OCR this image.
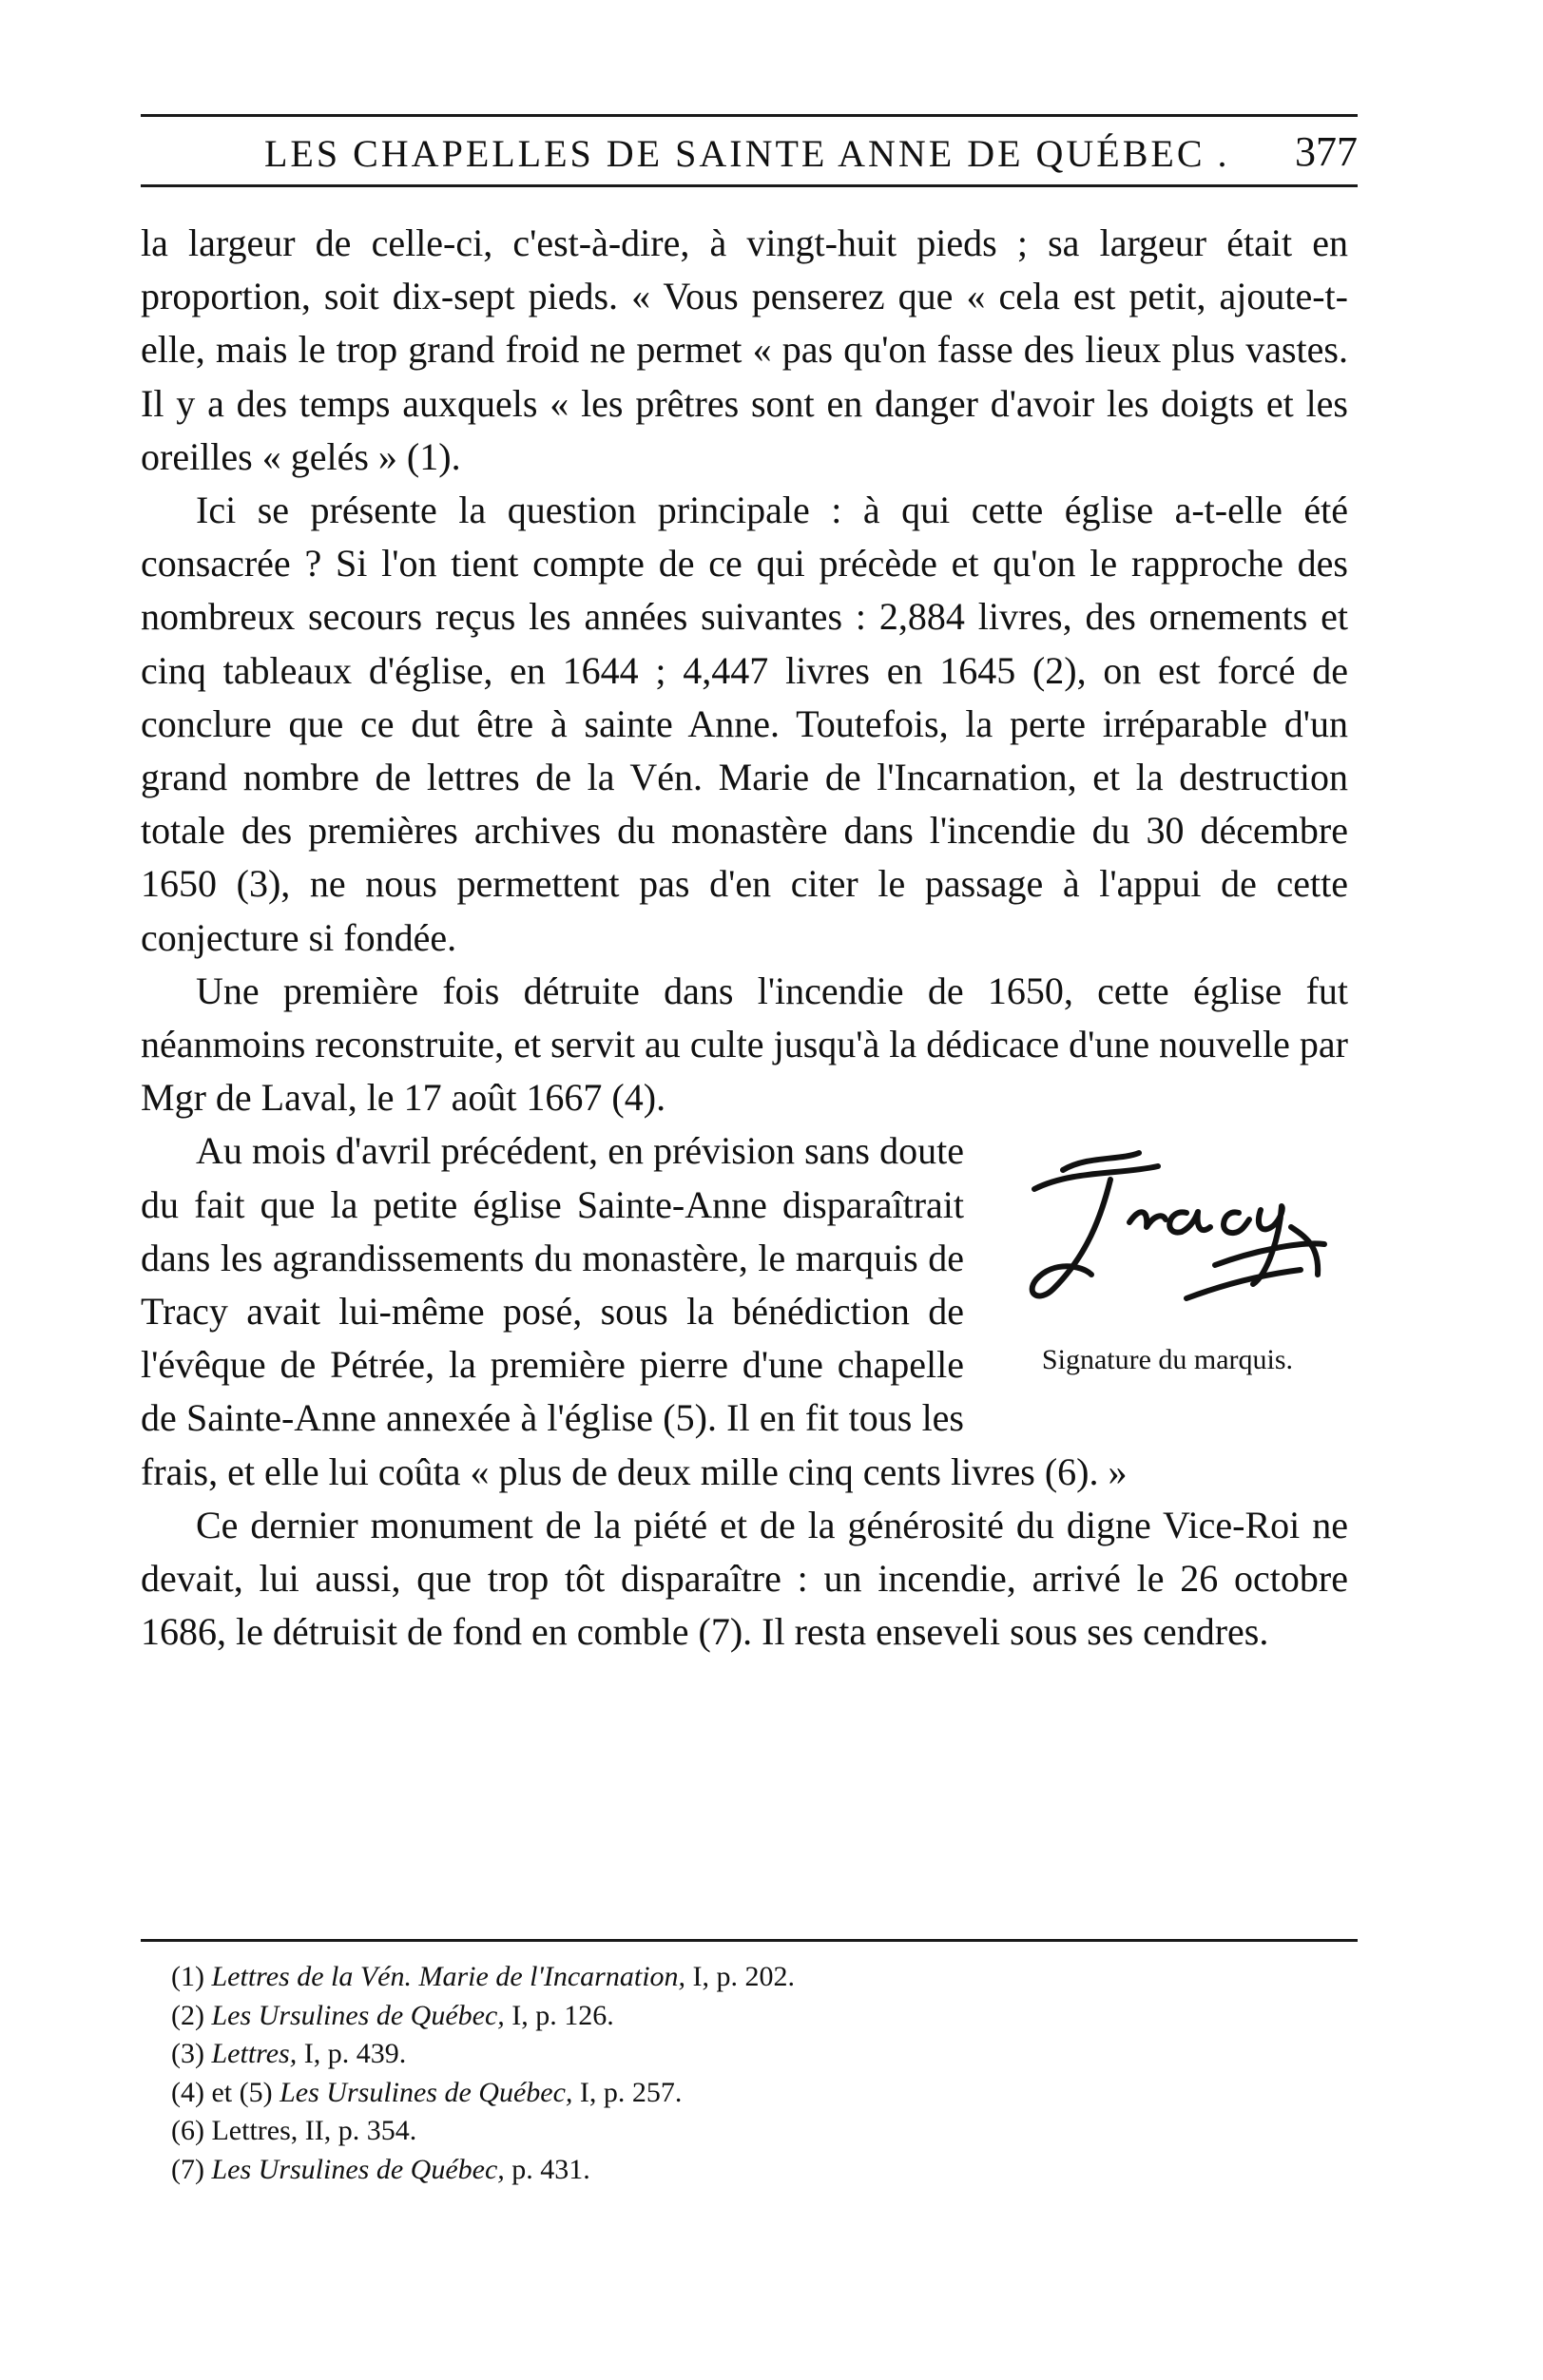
LES CHAPELLES DE SAINTE ANNE DE QUÉBEC . 377

la largeur de celle-ci, c'est-à-dire, à vingt-huit pieds ; sa largeur était en proportion, soit dix-sept pieds. « Vous penserez que « cela est petit, ajoute-t-elle, mais le trop grand froid ne permet « pas qu'on fasse des lieux plus vastes. Il y a des temps auxquels « les prêtres sont en danger d'avoir les doigts et les oreilles « gelés » (1).

Ici se présente la question principale : à qui cette église a-t-elle été consacrée ? Si l'on tient compte de ce qui précède et qu'on le rapproche des nombreux secours reçus les années suivantes : 2,884 livres, des ornements et cinq tableaux d'église, en 1644 ; 4,447 livres en 1645 (2), on est forcé de conclure que ce dut être à sainte Anne. Toutefois, la perte irréparable d'un grand nombre de lettres de la Vén. Marie de l'Incarnation, et la destruction totale des premières archives du monastère dans l'incendie du 30 décembre 1650 (3), ne nous permettent pas d'en citer le passage à l'appui de cette conjecture si fondée.

Une première fois détruite dans l'incendie de 1650, cette église fut néanmoins reconstruite, et servit au culte jusqu'à la dédicace d'une nouvelle par Mgr de Laval, le 17 août 1667 (4).

Signature du marquis.

Au mois d'avril précédent, en prévision sans doute du fait que la petite église Sainte-Anne disparaîtrait dans les agrandissements du monastère, le marquis de Tracy avait lui-même posé, sous la bénédiction de l'évêque de Pétrée, la première pierre d'une chapelle de Sainte-Anne annexée à l'église (5). Il en fit tous les frais, et elle lui coûta « plus de deux mille cinq cents livres (6). »

Ce dernier monument de la piété et de la générosité du digne Vice-Roi ne devait, lui aussi, que trop tôt disparaître : un incendie, arrivé le 26 octobre 1686, le détruisit de fond en comble (7). Il resta enseveli sous ses cendres.

(1) Lettres de la Vén. Marie de l'Incarnation, I, p. 202.
(2) Les Ursulines de Québec, I, p. 126.
(3) Lettres, I, p. 439.
(4) et (5) Les Ursulines de Québec, I, p. 257.
(6) Lettres, II, p. 354.
(7) Les Ursulines de Québec, p. 431.
